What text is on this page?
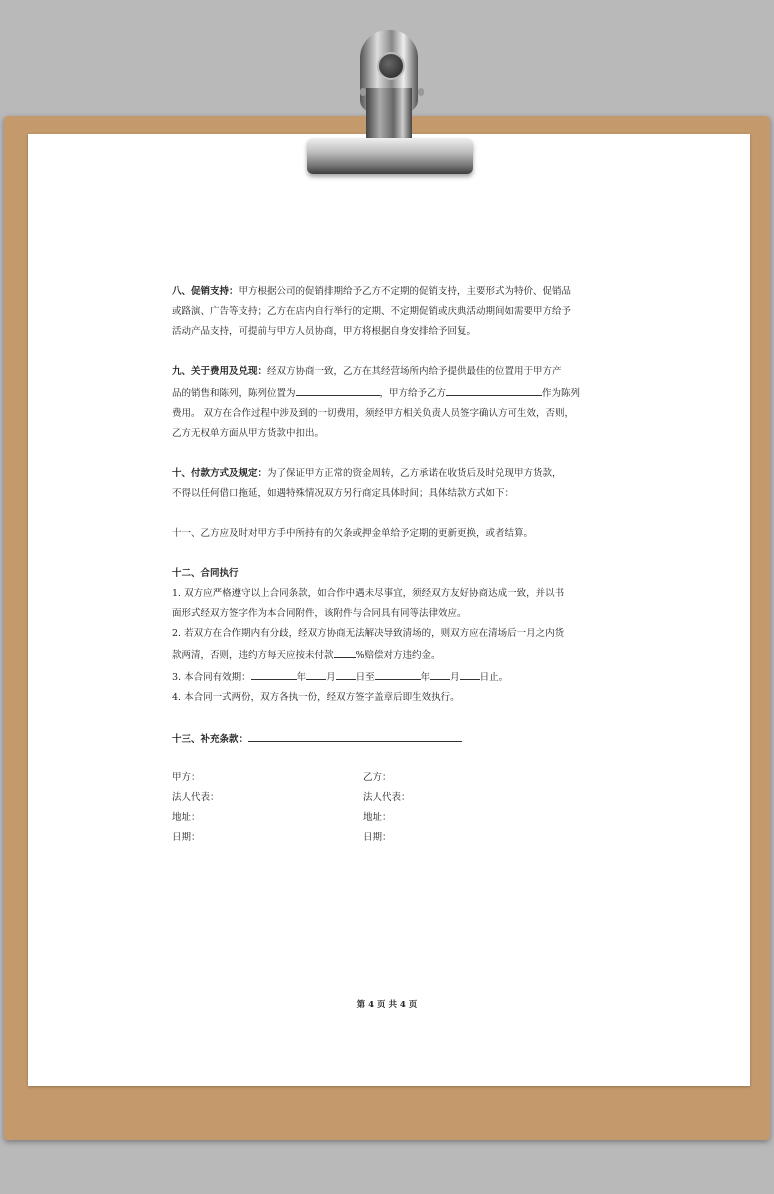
八、促销支持：甲方根据公司的促销排期给予乙方不定期的促销支持，主要形式为特价、促销品

或路演、广告等支持；乙方在店内自行举行的定期、不定期促销或庆典活动期间如需要甲方给予

活动产品支持，可提前与甲方人员协商，甲方将根据自身安排给予回复。

九、关于费用及兑现：经双方协商一致，乙方在其经营场所内给予提供最佳的位置用于甲方产

品的销售和陈列，陈列位置为	，甲方给予乙方	作为陈列

费用。 双方在合作过程中涉及到的一切费用，须经甲方相关负责人员签字确认方可生效，否则，

乙方无权单方面从甲方货款中扣出。

十、付款方式及规定：为了保证甲方正常的资金周转，乙方承诺在收货后及时兑现甲方货款，

不得以任何借口拖延，如遇特殊情况双方另行商定具体时间；具体结款方式如下：

十一、乙方应及时对甲方手中所持有的欠条或押金单给予定期的更新更换，或者结算。

十二、合同执行

1. 双方应严格遵守以上合同条款，如合作中遇未尽事宜，须经双方友好协商达成一致，并以书

面形式经双方签字作为本合同附件，该附件与合同具有同等法律效应。

2. 若双方在合作期内有分歧，经双方协商无法解决导致清场的，则双方应在清场后一月之内货

款两清，否则，违约方每天应按未付款 %赔偿对方违约金。

3. 本合同有效期：	年 月 日至	年 月 日止。

4. 本合同一式两份，双方各执一份，经双方签字盖章后即生效执行。

十三、补充条款：

甲方：	乙方：
法人代表：	法人代表：
地址：	地址：
日期：	日期：
第 4 页 共 4 页
